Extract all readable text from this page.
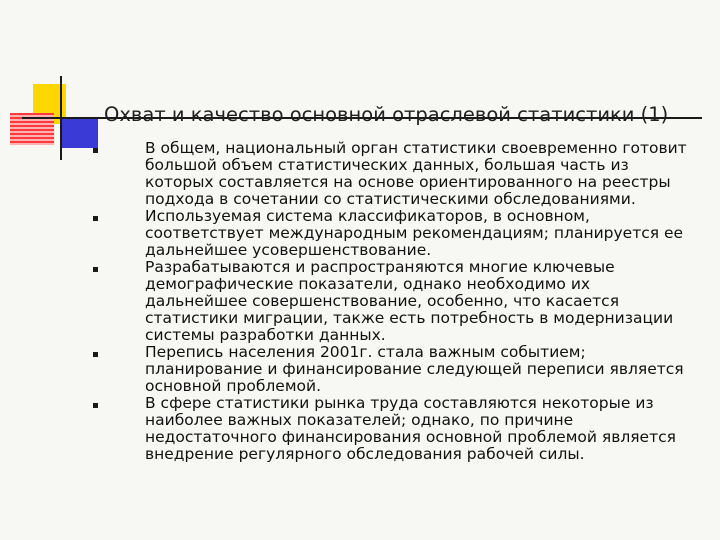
Охват и качество основной отраслевой статистики (1)
В общем, национальный орган статистики своевременно готовит большой объем статистических данных, большая часть из которых составляется на основе ориентированного на реестры подхода в сочетании со статистическими обследованиями.
Используемая система классификаторов, в основном, соответствует международным рекомендациям; планируется ее дальнейшее усовершенствование.
Разрабатываются и распространяются многие ключевые демографические показатели, однако необходимо их дальнейшее совершенствование, особенно, что касается статистики миграции, также есть потребность в модернизации системы разработки данных.
Перепись населения 2001г. стала важным событием; планирование и финансирование следующей переписи является основной проблемой.
В сфере статистики рынка труда составляются некоторые из наиболее важных показателей; однако, по причине недостаточного финансирования основной проблемой является внедрение регулярного обследования рабочей силы.
